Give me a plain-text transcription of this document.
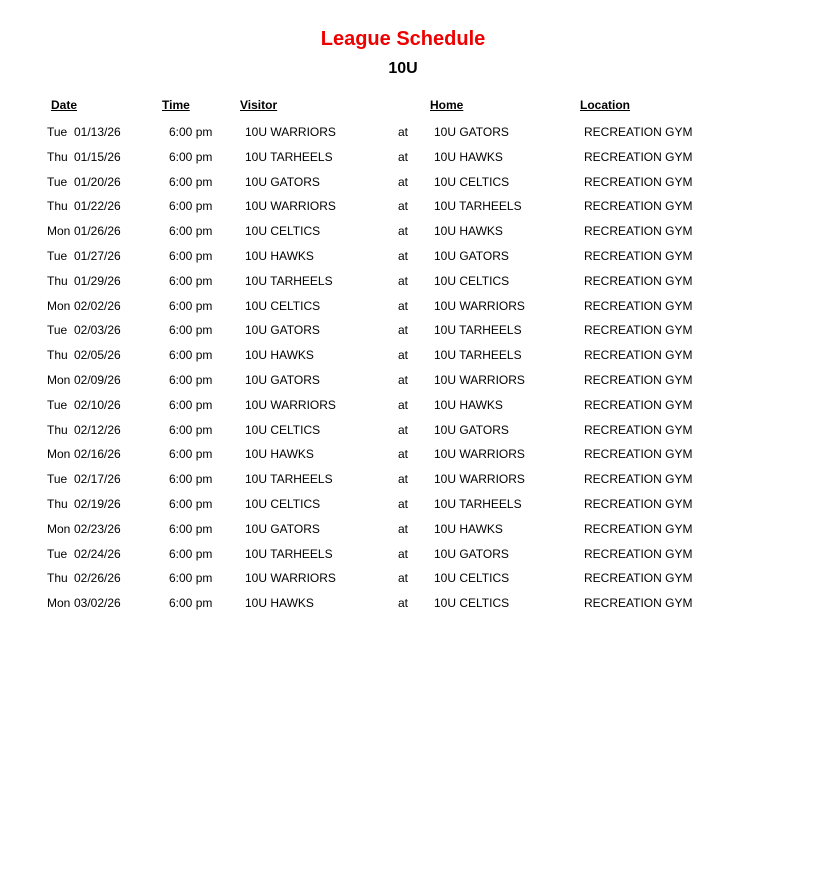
League Schedule
10U
Date	Time	Visitor	Home	Location
Tue 01/13/26	6:00 pm	10U WARRIORS	at 10U GATORS	RECREATION GYM
Thu 01/15/26	6:00 pm	10U TARHEELS	at 10U HAWKS	RECREATION GYM
Tue 01/20/26	6:00 pm	10U GATORS	at 10U CELTICS	RECREATION GYM
Thu 01/22/26	6:00 pm	10U WARRIORS	at 10U TARHEELS	RECREATION GYM
Mon 01/26/26	6:00 pm	10U CELTICS	at 10U HAWKS	RECREATION GYM
Tue 01/27/26	6:00 pm	10U HAWKS	at 10U GATORS	RECREATION GYM
Thu 01/29/26	6:00 pm	10U TARHEELS	at 10U CELTICS	RECREATION GYM
Mon 02/02/26	6:00 pm	10U CELTICS	at 10U WARRIORS	RECREATION GYM
Tue 02/03/26	6:00 pm	10U GATORS	at 10U TARHEELS	RECREATION GYM
Thu 02/05/26	6:00 pm	10U HAWKS	at 10U TARHEELS	RECREATION GYM
Mon 02/09/26	6:00 pm	10U GATORS	at 10U WARRIORS	RECREATION GYM
Tue 02/10/26	6:00 pm	10U WARRIORS	at 10U HAWKS	RECREATION GYM
Thu 02/12/26	6:00 pm	10U CELTICS	at 10U GATORS	RECREATION GYM
Mon 02/16/26	6:00 pm	10U HAWKS	at 10U WARRIORS	RECREATION GYM
Tue 02/17/26	6:00 pm	10U TARHEELS	at 10U WARRIORS	RECREATION GYM
Thu 02/19/26	6:00 pm	10U CELTICS	at 10U TARHEELS	RECREATION GYM
Mon 02/23/26	6:00 pm	10U GATORS	at 10U HAWKS	RECREATION GYM
Tue 02/24/26	6:00 pm	10U TARHEELS	at 10U GATORS	RECREATION GYM
Thu 02/26/26	6:00 pm	10U WARRIORS	at 10U CELTICS	RECREATION GYM
Mon 03/02/26	6:00 pm	10U HAWKS	at 10U CELTICS	RECREATION GYM
